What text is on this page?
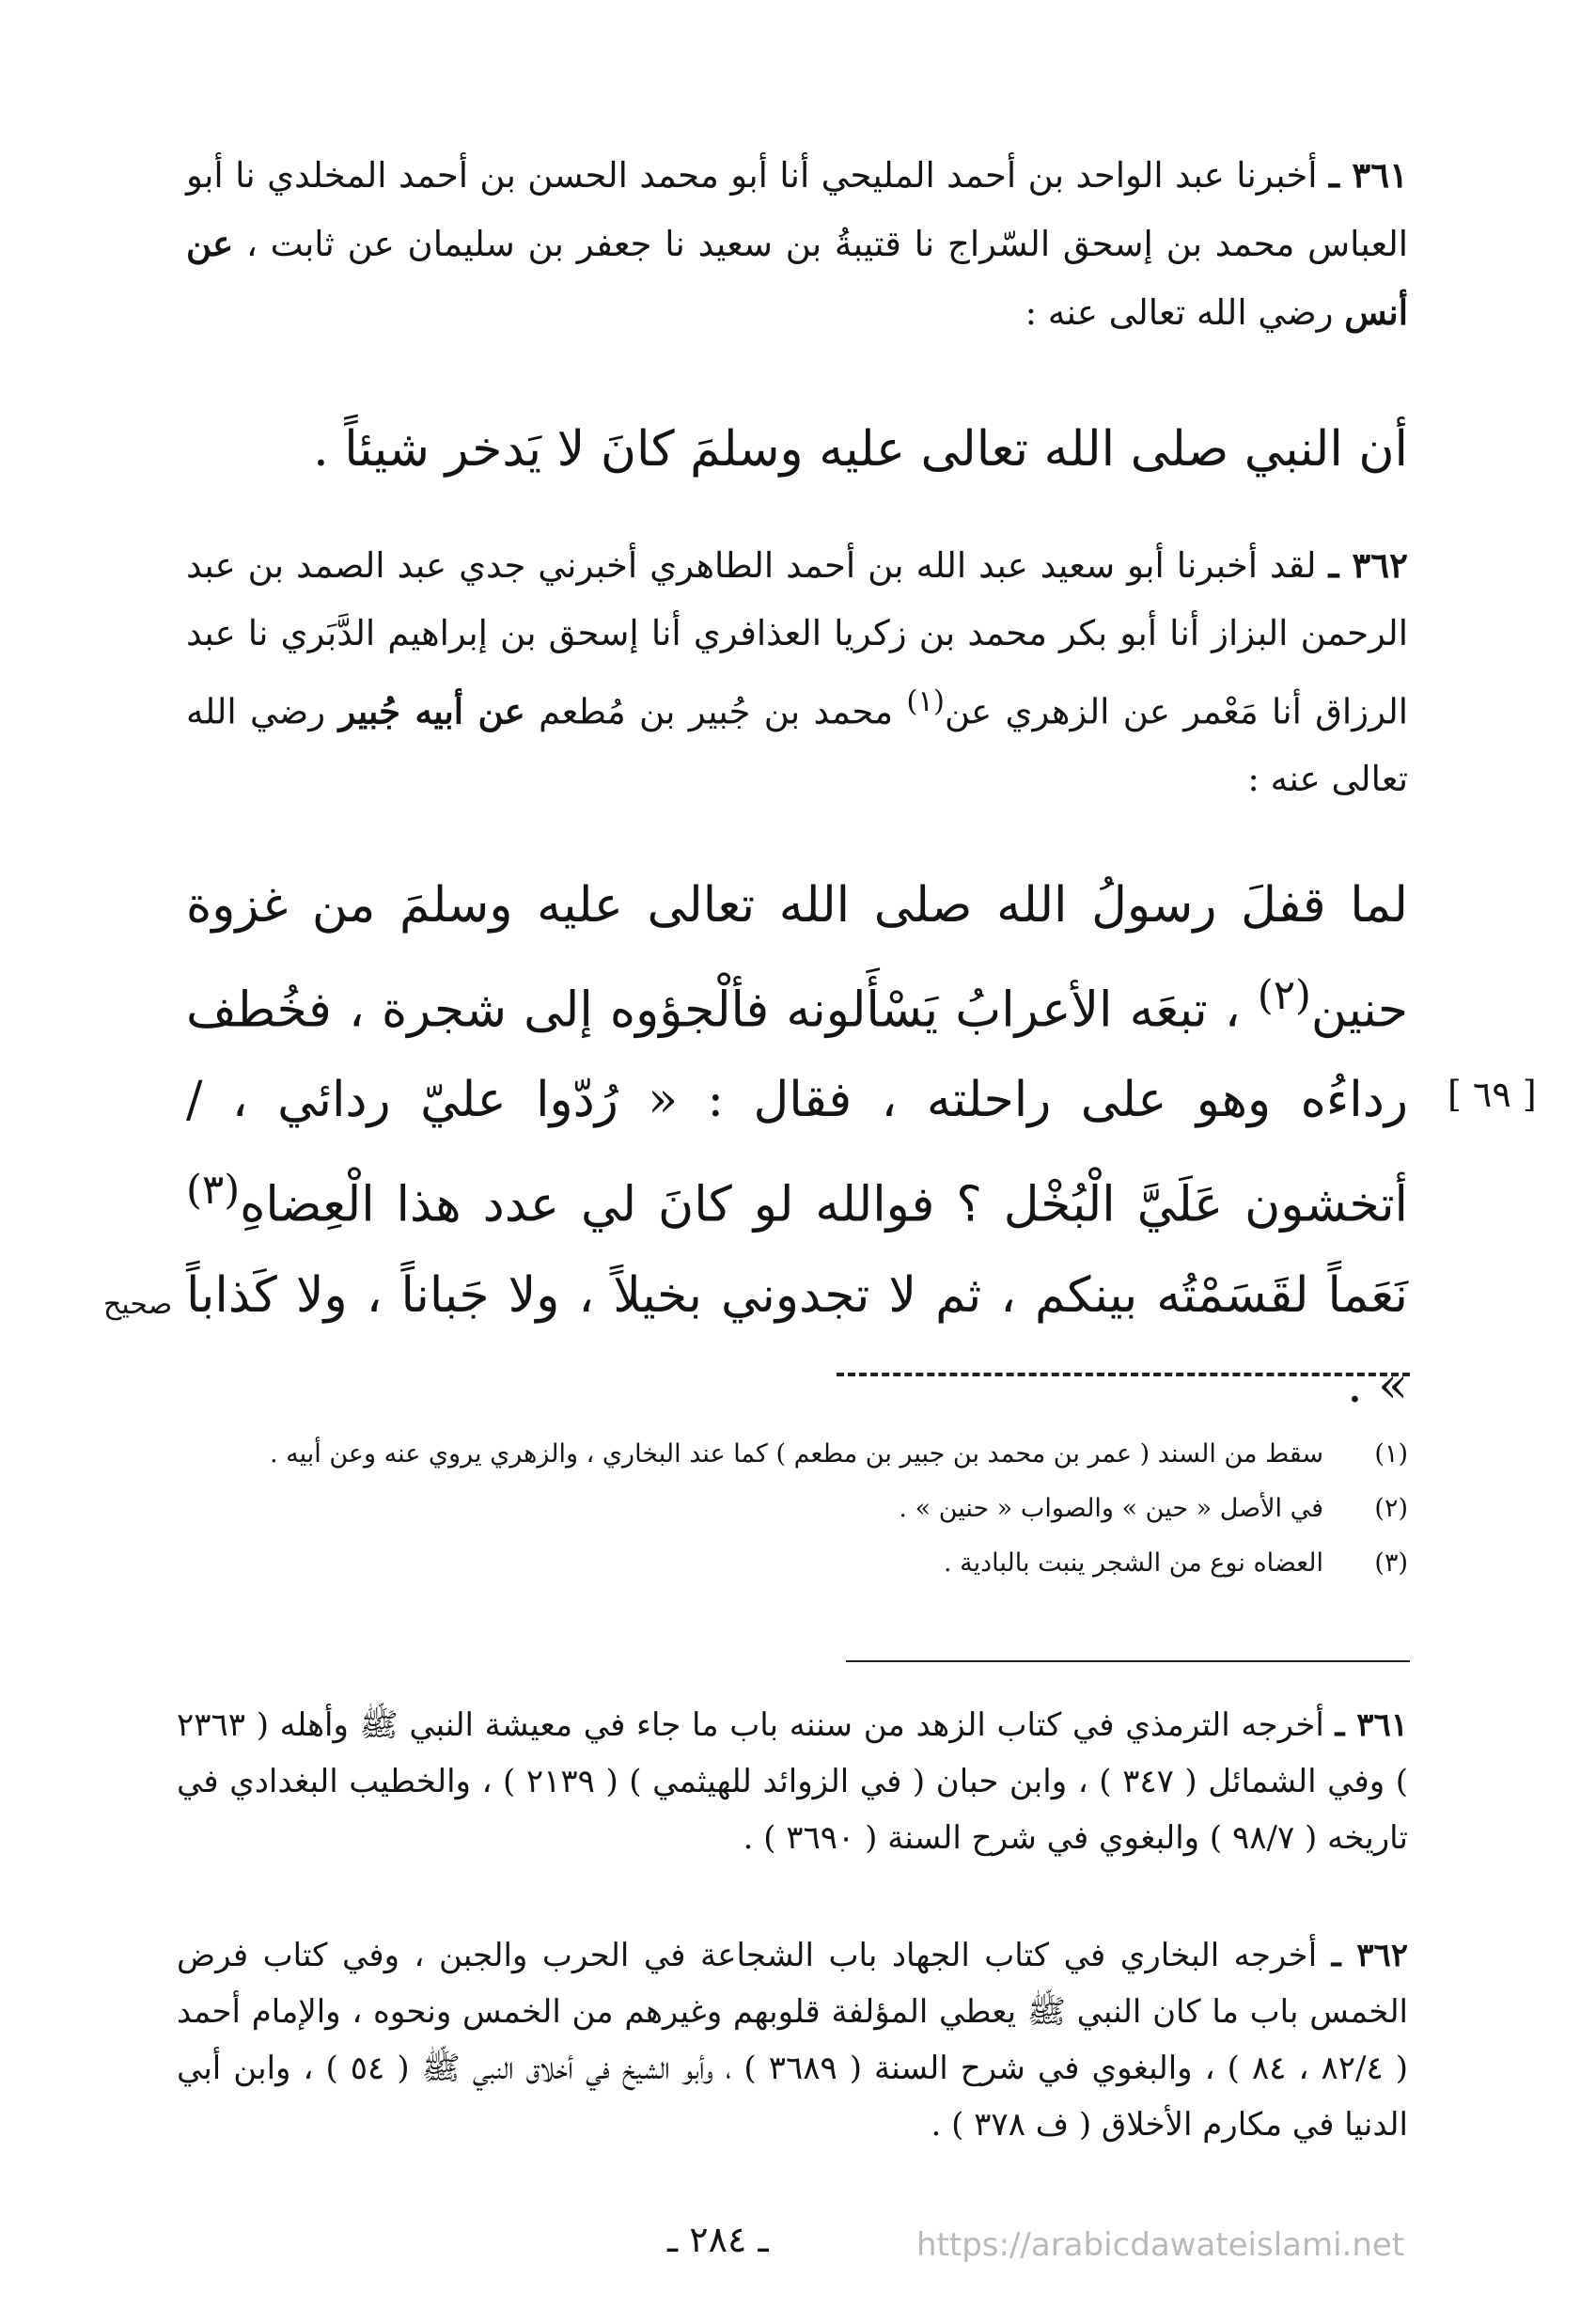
٣٦١ ـ أخبرنا عبد الواحد بن أحمد المليحي أنا أبو محمد الحسن بن أحمد المخلدي نا أبو العباس محمد بن إسحق السّراج نا قتيبةُ بن سعيد نا جعفر بن سليمان عن ثابت ، عن أنس رضي الله تعالى عنه :

أن النبي صلى الله تعالى عليه وسلمَ كانَ لا يَدخر شيئاً .

٣٦٢ ـ لقد أخبرنا أبو سعيد عبد الله بن أحمد الطاهري أخبرني جدي عبد الصمد بن عبد الرحمن البزاز أنا أبو بكر محمد بن زكريا العذافري أنا إسحق بن إبراهيم الدَّبَري نا عبد الرزاق أنا مَعْمر عن الزهري عن$^{(١)}$ محمد بن جُبير بن مُطعم عن أبيه جُبير رضي الله تعالى عنه :

لما قفلَ رسولُ الله صلى الله تعالى عليه وسلمَ من غزوة حنين$^{(٢)}$ ، تبعَه الأعرابُ يَسْأَلونه فألْجؤوه إلى شجرة ، فخُطف رداءُه وهو على راحلته ، فقال : « رُدّوا عليّ ردائي ، / أتخشون عَلَيَّ الْبُخْل ؟ فوالله لو كانَ لي عدد هذا الْعِضاهِ$^{(٣)}$ نَعَماً لقَسَمْتُه بينكم ، ثم لا تجدوني بخيلاً ، ولا جَباناً ، ولا كَذاباً » .

[ ٦٩ ]
صحيح
(١)
سقط من السند ( عمر بن محمد بن جبير بن مطعم ) كما عند البخاري ، والزهري يروي عنه وعن أبيه .
(٢)
في الأصل « حين » والصواب « حنين » .
(٣)
العضاه نوع من الشجر ينبت بالبادية .

٣٦١ ـ أخرجه الترمذي في كتاب الزهد من سننه باب ما جاء في معيشة النبي ﷺ وأهله ( ٢٣٦٣ ) وفي الشمائل ( ٣٤٧ ) ، وابن حبان ( في الزوائد للهيثمي ) ( ٢١٣٩ ) ، والخطيب البغدادي في تاريخه ( ٩٨/٧ ) والبغوي في شرح السنة ( ٣٦٩٠ ) .

٣٦٢ ـ أخرجه البخاري في كتاب الجهاد باب الشجاعة في الحرب والجبن ، وفي كتاب فرض الخمس باب ما كان النبي ﷺ يعطي المؤلفة قلوبهم وغيرهم من الخمس ونحوه ، والإمام أحمد ( ٨٢/٤ ، ٨٤ ) ، والبغوي في شرح السنة ( ٣٦٨٩ ) ، وأبو الشيخ في أخلاق النبي ﷺ ( ٥٤ ) ، وابن أبي الدنيا في مكارم الأخلاق ( ف ٣٧٨ ) .

ـ ٢٨٤ ـ	https://arabicdawateislami.net
